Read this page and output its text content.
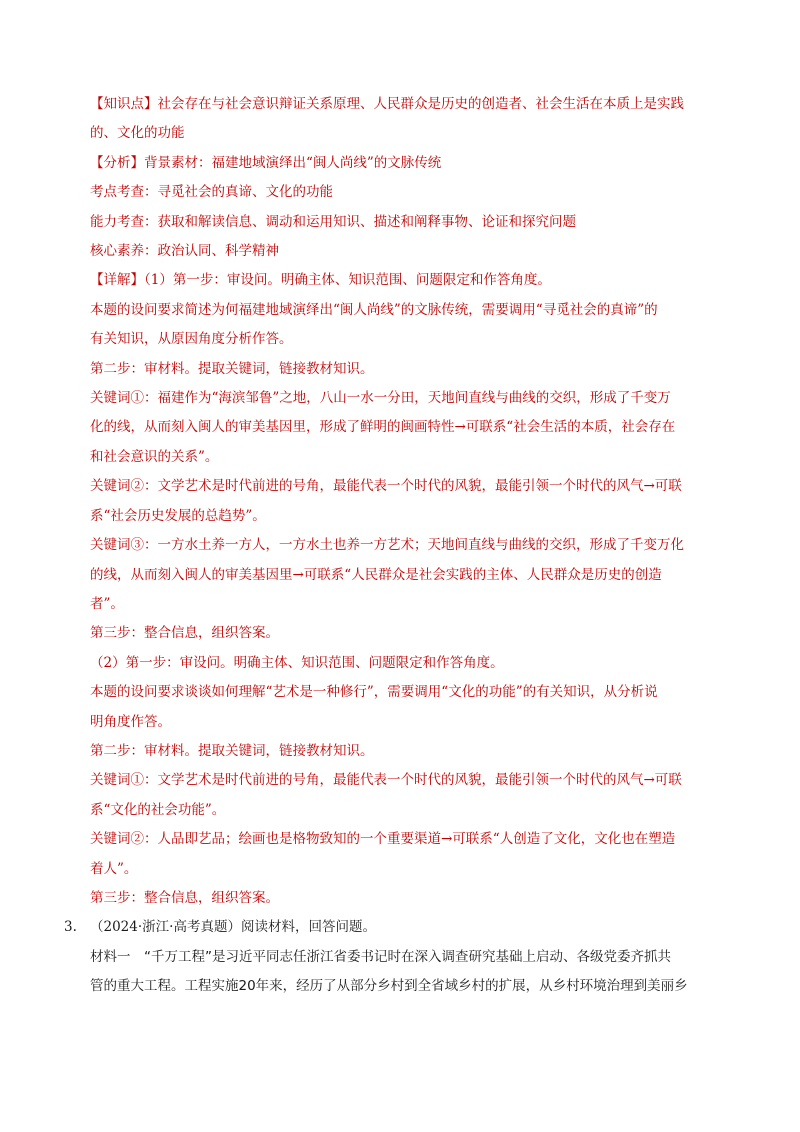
【知识点】社会存在与社会意识辩证关系原理、人民群众是历史的创造者、社会生活在本质上是实践

的、文化的功能

【分析】背景素材：福建地域演绎出“闽人尚线”的文脉传统

考点考查：寻觅社会的真谛、文化的功能

能力考查：获取和解读信息、调动和运用知识、描述和阐释事物、论证和探究问题

核心素养：政治认同、科学精神

【详解】（1）第一步：审设问。明确主体、知识范围、问题限定和作答角度。

本题的设问要求简述为何福建地域演绎出“闽人尚线”的文脉传统，需要调用“寻觅社会的真谛”的

有关知识，从原因角度分析作答。

第二步：审材料。提取关键词，链接教材知识。

关键词①：福建作为“海滨邹鲁”之地，八山一水一分田，天地间直线与曲线的交织，形成了千变万

化的线，从而刻入闽人的审美基因里，形成了鲜明的闽画特性→可联系“社会生活的本质，社会存在

和社会意识的关系”。

关键词②：文学艺术是时代前进的号角，最能代表一个时代的风貌，最能引领一个时代的风气→可联

系“社会历史发展的总趋势”。

关键词③：一方水土养一方人，一方水土也养一方艺术；天地间直线与曲线的交织，形成了千变万化

的线，从而刻入闽人的审美基因里→可联系“人民群众是社会实践的主体、人民群众是历史的创造

者”。

第三步：整合信息，组织答案。

（2）第一步：审设问。明确主体、知识范围、问题限定和作答角度。

本题的设问要求谈谈如何理解“艺术是一种修行”，需要调用“文化的功能”的有关知识，从分析说

明角度作答。

第二步：审材料。提取关键词，链接教材知识。

关键词①：文学艺术是时代前进的号角，最能代表一个时代的风貌，最能引领一个时代的风气→可联

系“文化的社会功能”。

关键词②：人品即艺品；绘画也是格物致知的一个重要渠道→可联系“人创造了文化，文化也在塑造

着人”。

第三步：整合信息，组织答案。

3. （2024·浙江·高考真题）阅读材料，回答问题。

材料一　“千万工程”是习近平同志任浙江省委书记时在深入调查研究基础上启动、各级党委齐抓共

管的重大工程。工程实施20年来，经历了从部分乡村到全省域乡村的扩展，从乡村环境治理到美丽乡
